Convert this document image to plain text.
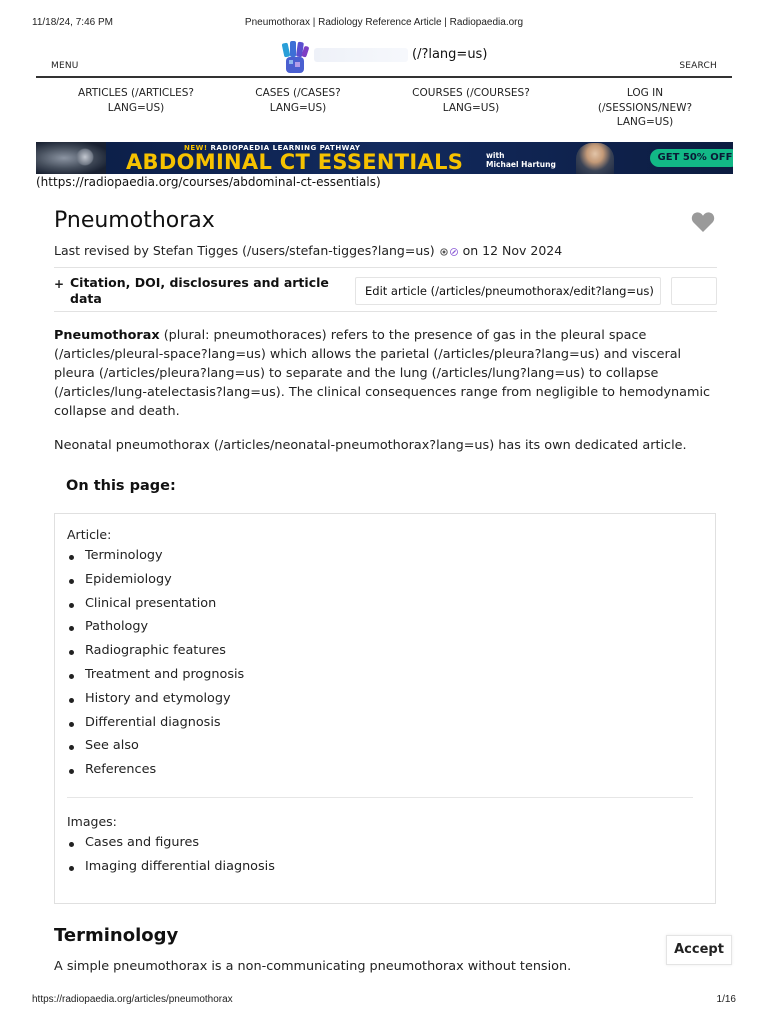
11/18/24, 7:46 PM	Pneumothorax | Radiology Reference Article | Radiopaedia.org
MENU
(/?lang=us)
SEARCH
ARTICLES (/ARTICLES?
LANG=US)
CASES (/CASES?
LANG=US)
COURSES (/COURSES?
LANG=US)
LOG IN
(/SESSIONS/NEW?
LANG=US)
NEW! RADIOPAEDIA LEARNING PATHWAY
ABDOMINAL CT ESSENTIALS	with
Michael Hartung
GET 50% OFF
(https://radiopaedia.org/courses/abdominal-ct-essentials)
Pneumothorax
Last revised by Stefan Tigges (/users/stefan-tigges?lang=us) on 12 Nov 2024
+ Citation, DOI, disclosures and article data	Edit article (/articles/pneumothorax/edit?lang=us)

Pneumothorax (plural: pneumothoraces) refers to the presence of gas in the pleural space (/articles/pleural-space?lang=us) which allows the parietal (/articles/pleura?lang=us) and visceral pleura (/articles/pleura?lang=us) to separate and the lung (/articles/lung?lang=us) to collapse (/articles/lung-atelectasis?lang=us). The clinical consequences range from negligible to hemodynamic collapse and death.

Neonatal pneumothorax (/articles/neonatal-pneumothorax?lang=us) has its own dedicated article.

On this page:
Article:
Terminology
Epidemiology
Clinical presentation
Pathology
Radiographic features
Treatment and prognosis
History and etymology
Differential diagnosis
See also
References
Images:
Cases and figures
Imaging differential diagnosis
Terminology

A simple pneumothorax is a non-communicating pneumothorax without tension.

Accept
https://radiopaedia.org/articles/pneumothorax	1/16
